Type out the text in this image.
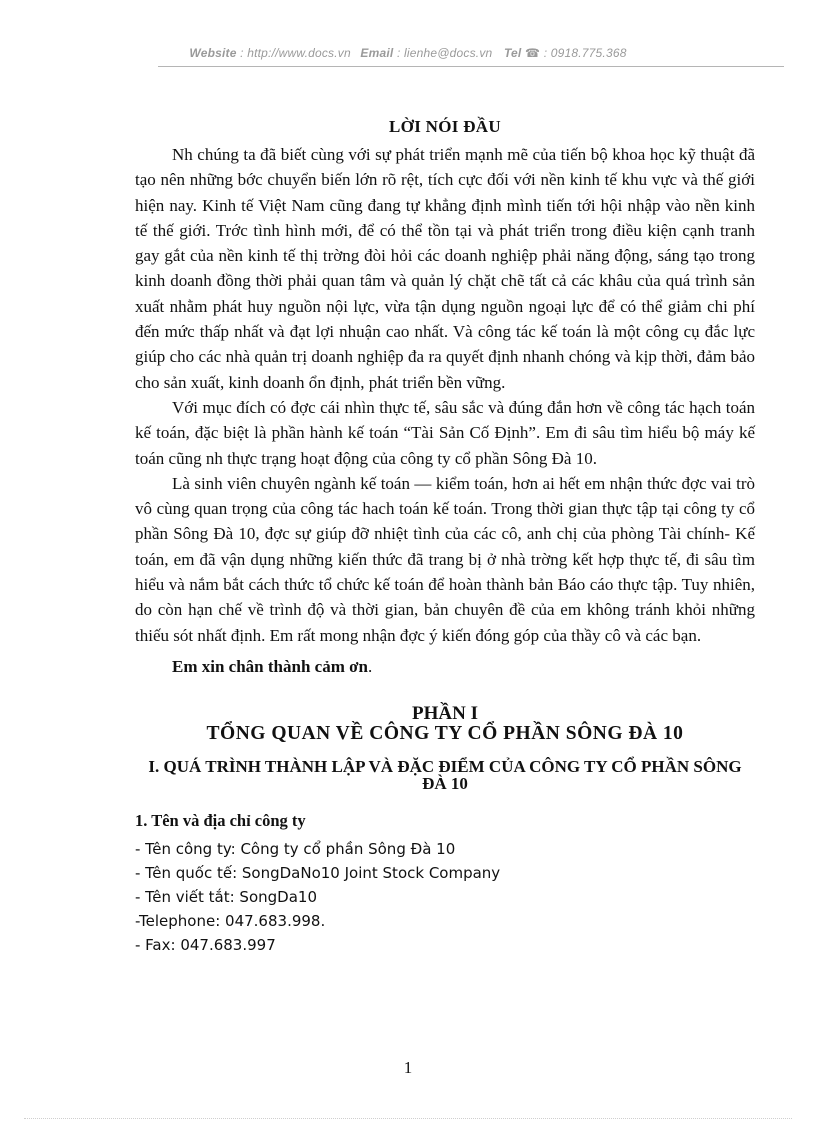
Website : http://www.docs.vn Email : lienhe@docs.vn Tel ☎ : 0918.775.368
LỜI NÓI ĐẦU

Nh chúng ta đã biết cùng với sự phát triển mạnh mẽ của tiến bộ khoa học kỹ thuật đã tạo nên những bớc chuyển biến lớn rõ rệt, tích cực đối với nền kinh tế khu vực và thế giới hiện nay. Kinh tế Việt Nam cũng đang tự khẳng định mình tiến tới hội nhập vào nền kinh tế thế giới. Trớc tình hình mới, để có thể tồn tại và phát triển trong điều kiện cạnh tranh gay gắt của nền kinh tế thị trờng đòi hỏi các doanh nghiệp phải năng động, sáng tạo trong kinh doanh đồng thời phải quan tâm và quản lý chặt chẽ tất cả các khâu của quá trình sản xuất nhằm phát huy nguồn nội lực, vừa tận dụng nguồn ngoại lực để có thể giảm chi phí đến mức thấp nhất và đạt lợi nhuận cao nhất. Và công tác kế toán là một công cụ đắc lực giúp cho các nhà quản trị doanh nghiệp đa ra quyết định nhanh chóng và kịp thời, đảm bảo cho sản xuất, kinh doanh ổn định, phát triển bền vững.

Với mục đích có đợc cái nhìn thực tế, sâu sắc và đúng đắn hơn về công tác hạch toán kế toán, đặc biệt là phần hành kế toán “Tài Sản Cố Định”. Em đi sâu tìm hiểu bộ máy kế toán cũng nh thực trạng hoạt động của công ty cổ phần Sông Đà 10.

Là sinh viên chuyên ngành kế toán — kiểm toán, hơn ai hết em nhận thức đợc vai trò vô cùng quan trọng của công tác hach toán kế toán. Trong thời gian thực tập tại công ty cổ phần Sông Đà 10, đợc sự giúp đỡ nhiệt tình của các cô, anh chị của phòng Tài chính- Kế toán, em đã vận dụng những kiến thức đã trang bị ở nhà trờng kết hợp thực tế, đi sâu tìm hiểu và nắm bắt cách thức tổ chức kế toán để hoàn thành bản Báo cáo thực tập. Tuy nhiên, do còn hạn chế về trình độ và thời gian, bản chuyên đề của em không tránh khỏi những thiếu sót nhất định. Em rất mong nhận đợc ý kiến đóng góp của thầy cô và các bạn.

Em xin chân thành cảm ơn.

PHẦN I
TỔNG QUAN VỀ CÔNG TY CỔ PHẦN SÔNG ĐÀ 10
I. QUÁ TRÌNH THÀNH LẬP VÀ ĐẶC ĐIỂM CỦA CÔNG TY CỔ PHẦN SÔNG ĐÀ 10
1. Tên và địa chỉ công ty
- Tên công ty: Công ty cổ phần Sông Đà 10
- Tên quốc tế: SongDaNo10 Joint Stock Company
- Tên viết tắt: SongDa10
-Telephone: 047.683.998.
- Fax: 047.683.997
1
